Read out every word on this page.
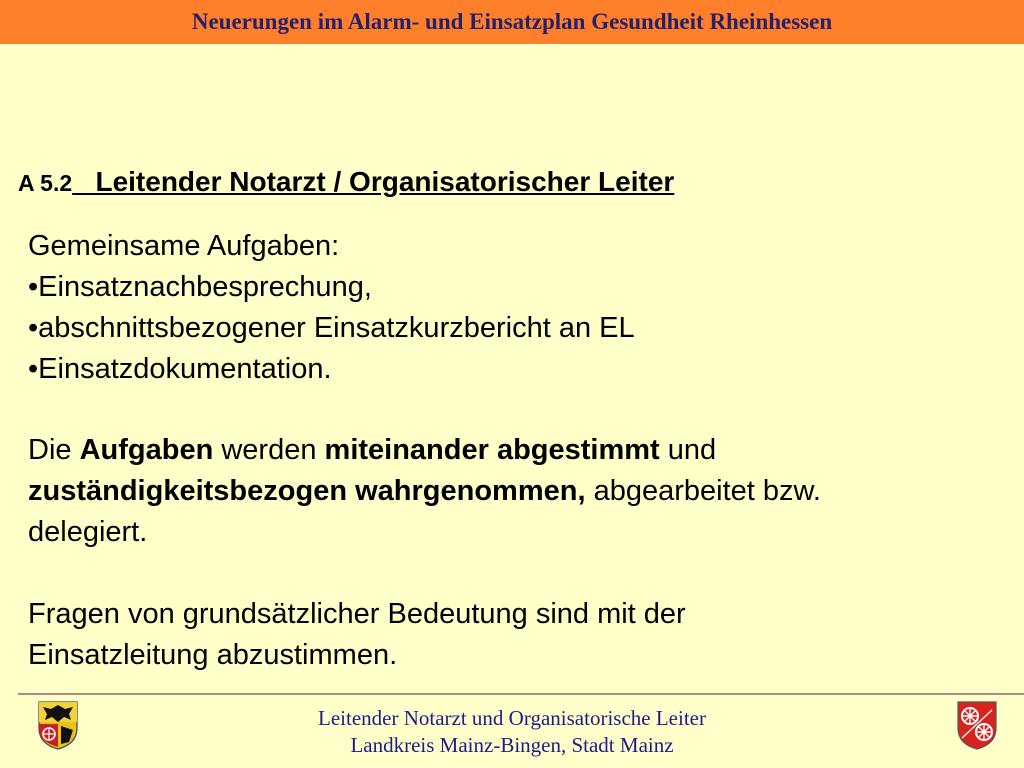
Neuerungen im Alarm- und Einsatzplan Gesundheit Rheinhessen
A 5.2 Leitender Notarzt / Organisatorischer Leiter
Gemeinsame Aufgaben:
•Einsatznachbesprechung,
•abschnittsbezogener Einsatzkurzbericht an EL
•Einsatzdokumentation.
Die Aufgaben werden miteinander abgestimmt und
zuständigkeitsbezogen wahrgenommen, abgearbeitet bzw.
delegiert.
Fragen von grundsätzlicher Bedeutung sind mit der
Einsatzleitung abzustimmen.
Leitender Notarzt und Organisatorische Leiter
Landkreis Mainz-Bingen, Stadt Mainz
